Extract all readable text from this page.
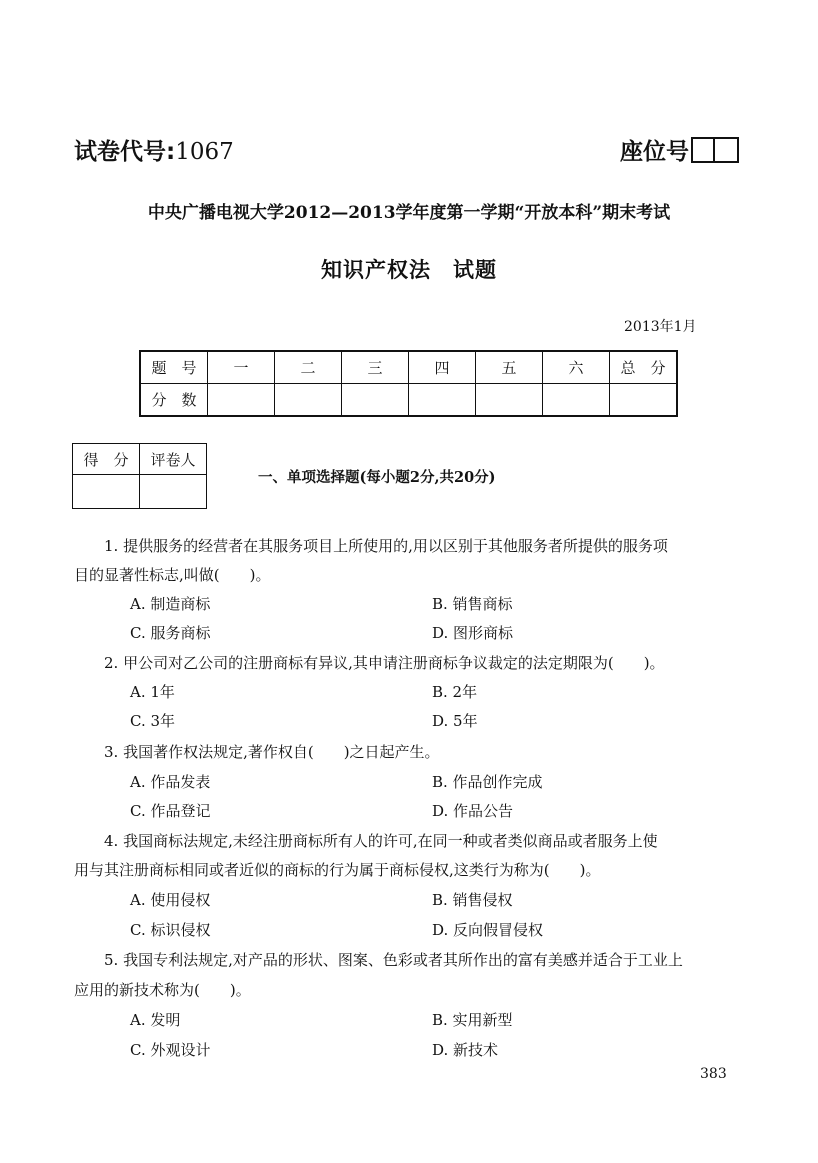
试卷代号:1067	座位号
中央广播电视大学2012—2013学年度第一学期“开放本科”期末考试
知识产权法　试题
2013年1月
题　号	一	二	三	四	五	六	总　分
分　数							
得　分	评卷人

一、单项选择题(每小题2分,共20分)
1. 提供服务的经营者在其服务项目上所使用的,用以区别于其他服务者所提供的服务项
目的显著性标志,叫做(　　)。
A. 制造商标	B. 销售商标
C. 服务商标	D. 图形商标
2. 甲公司对乙公司的注册商标有异议,其申请注册商标争议裁定的法定期限为(　　)。
A. 1年	B. 2年
C. 3年	D. 5年
3. 我国著作权法规定,著作权自(　　)之日起产生。
A. 作品发表	B. 作品创作完成
C. 作品登记	D. 作品公告
4. 我国商标法规定,未经注册商标所有人的许可,在同一种或者类似商品或者服务上使
用与其注册商标相同或者近似的商标的行为属于商标侵权,这类行为称为(　　)。
A. 使用侵权	B. 销售侵权
C. 标识侵权	D. 反向假冒侵权
5. 我国专利法规定,对产品的形状、图案、色彩或者其所作出的富有美感并适合于工业上
应用的新技术称为(　　)。
A. 发明	B. 实用新型
C. 外观设计	D. 新技术
383
